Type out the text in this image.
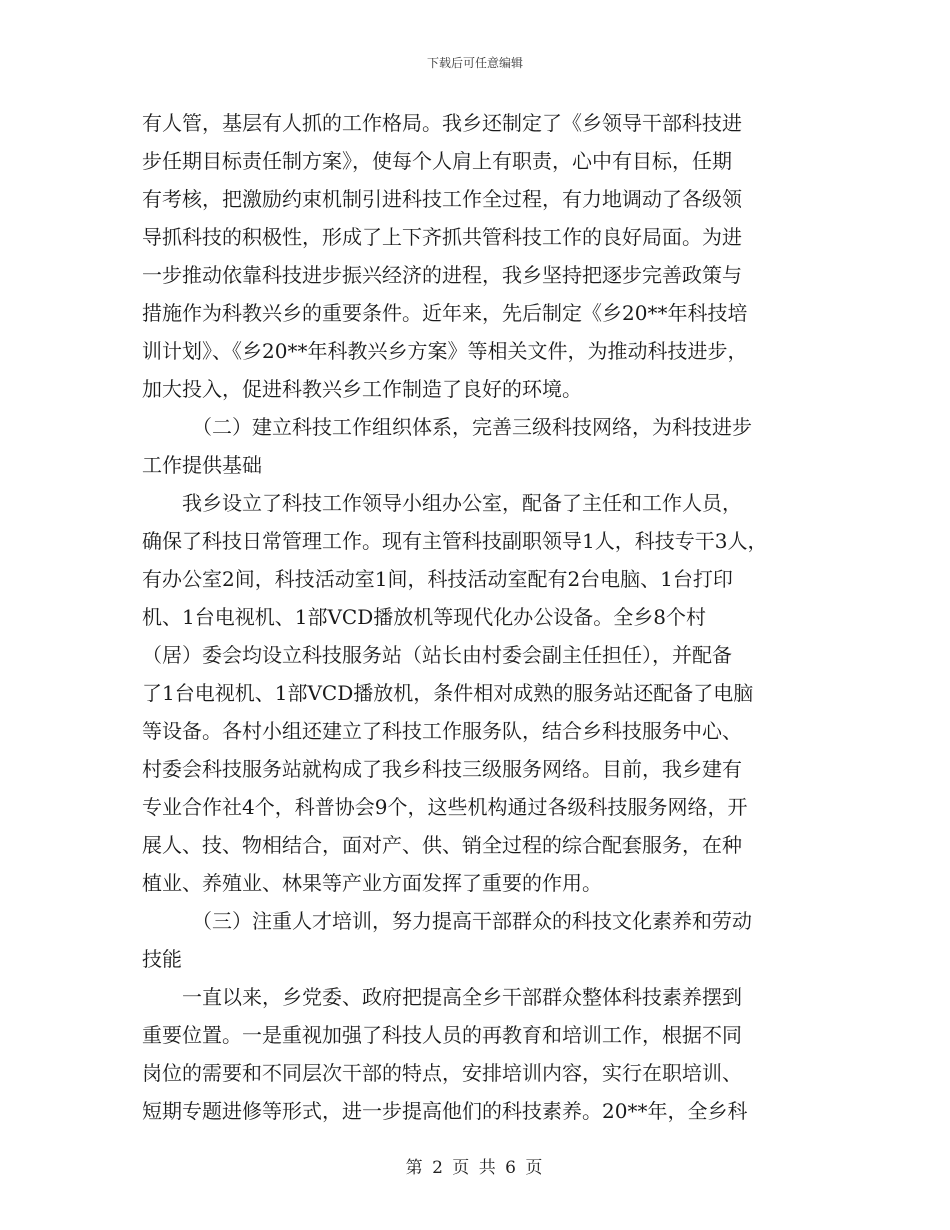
下载后可任意编辑
有人管，基层有人抓的工作格局。我乡还制定了《乡领导干部科技进
步任期目标责任制方案》，使每个人肩上有职责，心中有目标，任期
有考核，把激励约束机制引进科技工作全过程，有力地调动了各级领
导抓科技的积极性，形成了上下齐抓共管科技工作的良好局面。为进
一步推动依靠科技进步振兴经济的进程，我乡坚持把逐步完善政策与
措施作为科教兴乡的重要条件。近年来，先后制定《乡20**年科技培
训计划》、《乡20**年科教兴乡方案》等相关文件，为推动科技进步，
加大投入，促进科教兴乡工作制造了良好的环境。
（二）建立科技工作组织体系，完善三级科技网络，为科技进步
工作提供基础
我乡设立了科技工作领导小组办公室，配备了主任和工作人员，
确保了科技日常管理工作。现有主管科技副职领导1人，科技专干3人，
有办公室2间，科技活动室1间，科技活动室配有2台电脑、1台打印
机、1台电视机、1部VCD播放机等现代化办公设备。全乡8个村
（居）委会均设立科技服务站（站长由村委会副主任担任），并配备
了1台电视机、1部VCD播放机，条件相对成熟的服务站还配备了电脑
等设备。各村小组还建立了科技工作服务队，结合乡科技服务中心、
村委会科技服务站就构成了我乡科技三级服务网络。目前，我乡建有
专业合作社4个，科普协会9个，这些机构通过各级科技服务网络，开
展人、技、物相结合，面对产、供、销全过程的综合配套服务，在种
植业、养殖业、林果等产业方面发挥了重要的作用。
（三）注重人才培训，努力提高干部群众的科技文化素养和劳动
技能
一直以来，乡党委、政府把提高全乡干部群众整体科技素养摆到
重要位置。一是重视加强了科技人员的再教育和培训工作，根据不同
岗位的需要和不同层次干部的特点，安排培训内容，实行在职培训、
短期专题进修等形式，进一步提高他们的科技素养。20**年，全乡科
第 2 页 共 6 页
